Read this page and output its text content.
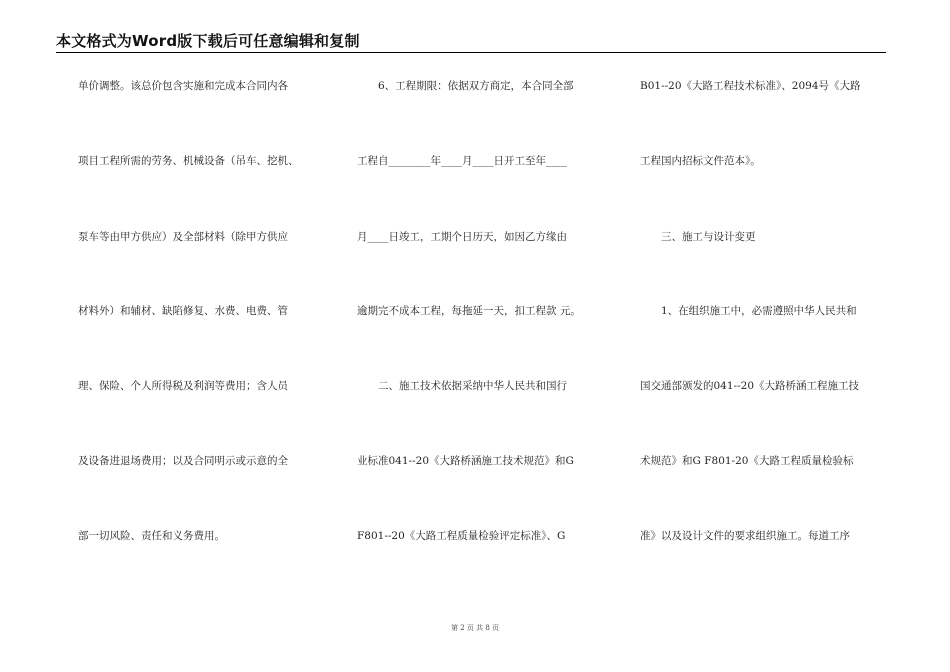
本文格式为Word版下载后可任意编辑和复制
单价调整。该总价包含实施和完成本合同内各
项目工程所需的劳务、机械设备（吊车、挖机、
泵车等由甲方供应）及全部材料（除甲方供应
材料外）和辅材、缺陷修复、水费、电费、管
理、保险、个人所得税及利润等费用；含人员
及设备进退场费用；以及合同明示或示意的全
部一切风险、责任和义务费用。
　　6、工程期限：依据双方商定，本合同全部
工程自________年____月____日开工至年____
月____日竣工，工期个日历天，如因乙方缘由
逾期完不成本工程，每拖延一天，扣工程款 元。
　　二、施工技术依据采纳中华人民共和国行
业标准041--20《大路桥涵施工技术规范》和G
F801--20《大路工程质量检验评定标准》、G
B01--20《大路工程技术标准》、2094号《大路
工程国内招标文件范本》。
　　三、施工与设计变更
　　1、在组织施工中，必需遵照中华人民共和
国交通部颁发的041--20《大路桥涵工程施工技
术规范》和G F801-20《大路工程质量检验标
准》以及设计文件的要求组织施工。每道工序
第 2 页 共 8 页
